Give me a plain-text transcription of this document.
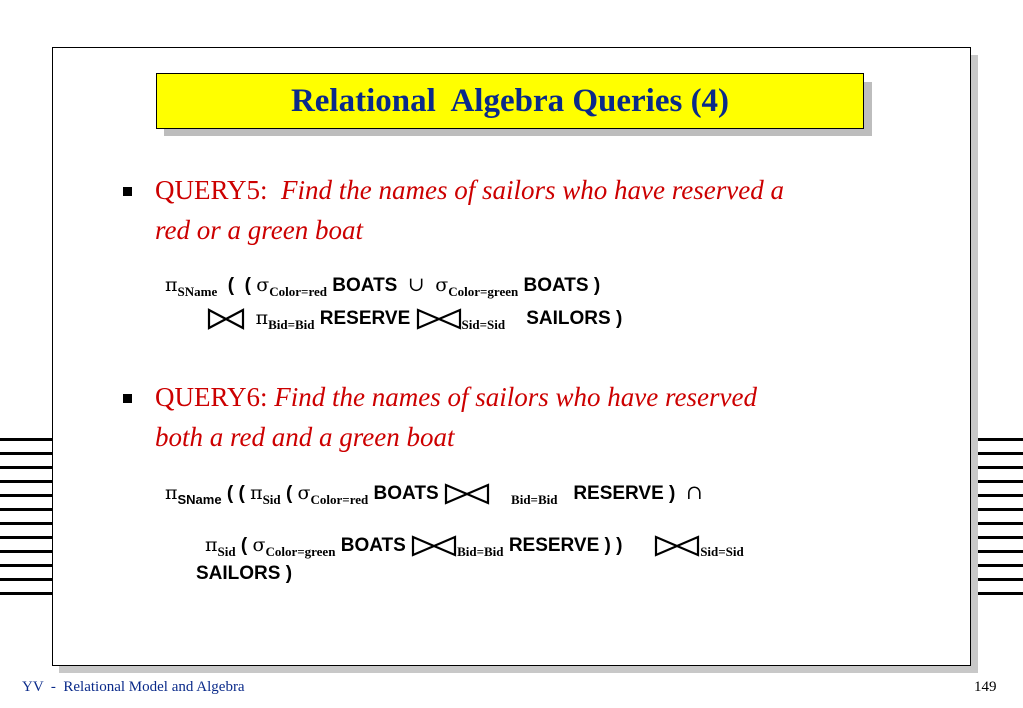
Relational  Algebra Queries (4)
QUERY5: Find the names of sailors who have reserved a
red or a green boat
$\pi_{SName}$ ( ( $\sigma_{Color=red}$ BOATS ∪ $\sigma_{Color=green}$ BOATS )
$\pi_{Bid=Bid}$ RESERVE	$_{Sid=Sid}$ SAILORS )
QUERY6: Find the names of sailors who have reserved
both a red and a green boat
$\pi_{SName}$ ( ( $\pi_{Sid}$ ( $\sigma_{Color=red}$ BOATS	$_{Bid=Bid}$ RESERVE ) ∩
$\pi_{Sid}$ ( $\sigma_{Color=green}$ BOATS	$_{Bid=Bid}$ RESERVE ) )	$_{Sid=Sid}$
SAILORS )
YV  -  Relational Model and Algebra	149
